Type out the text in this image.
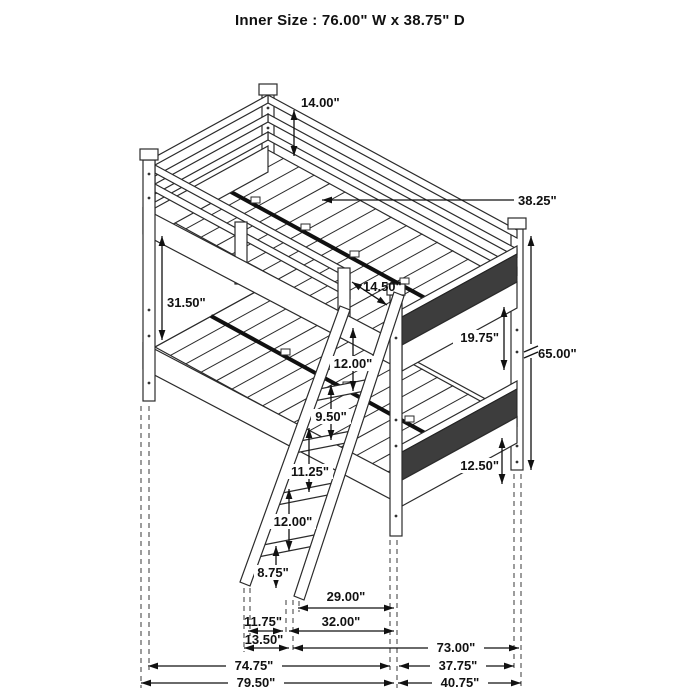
Inner Size : 76.00" W x 38.75" D
14.00"
38.25"
31.50"
14.50"
12.00"
9.50"
11.25"
12.00"
8.75"
19.75"
65.00"
12.50"
29.00"
11.75"	32.00"
13.50"
73.00"
74.75"	37.75"
79.50"	40.75"
